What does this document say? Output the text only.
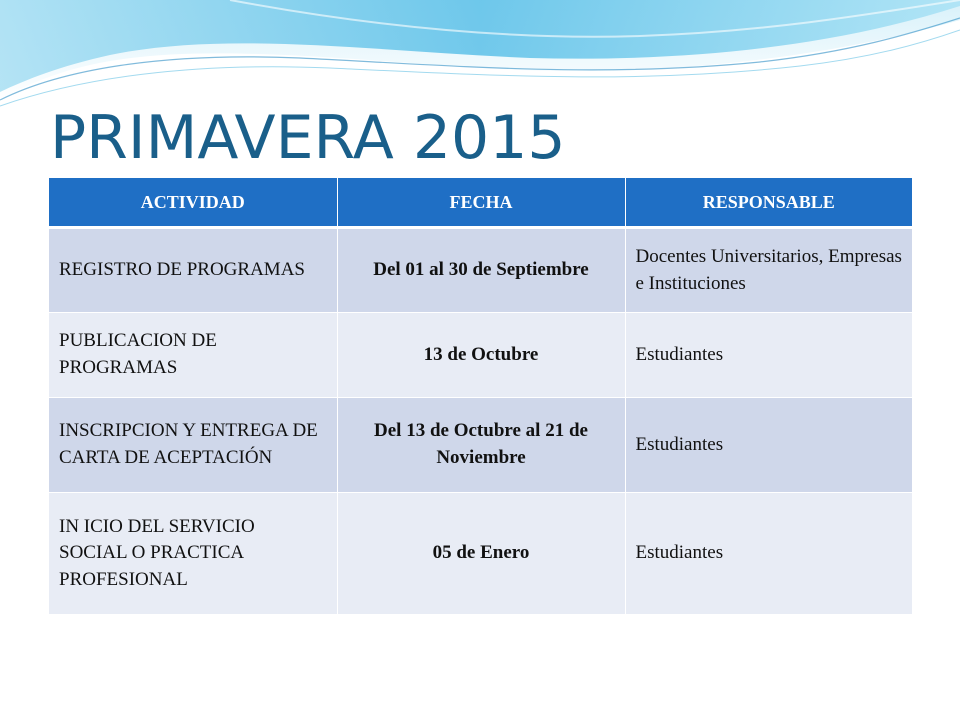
PRIMAVERA 2015
ACTIVIDAD	FECHA	RESPONSABLE
REGISTRO DE PROGRAMAS	Del 01 al 30 de Septiembre	Docentes Universitarios, Empresas e Instituciones
PUBLICACION DE PROGRAMAS	13 de Octubre	Estudiantes
INSCRIPCION Y ENTREGA DE CARTA DE ACEPTACIÓN	Del 13 de Octubre al 21 de Noviembre	Estudiantes
IN ICIO DEL SERVICIO SOCIAL O PRACTICA PROFESIONAL	05 de Enero	Estudiantes
